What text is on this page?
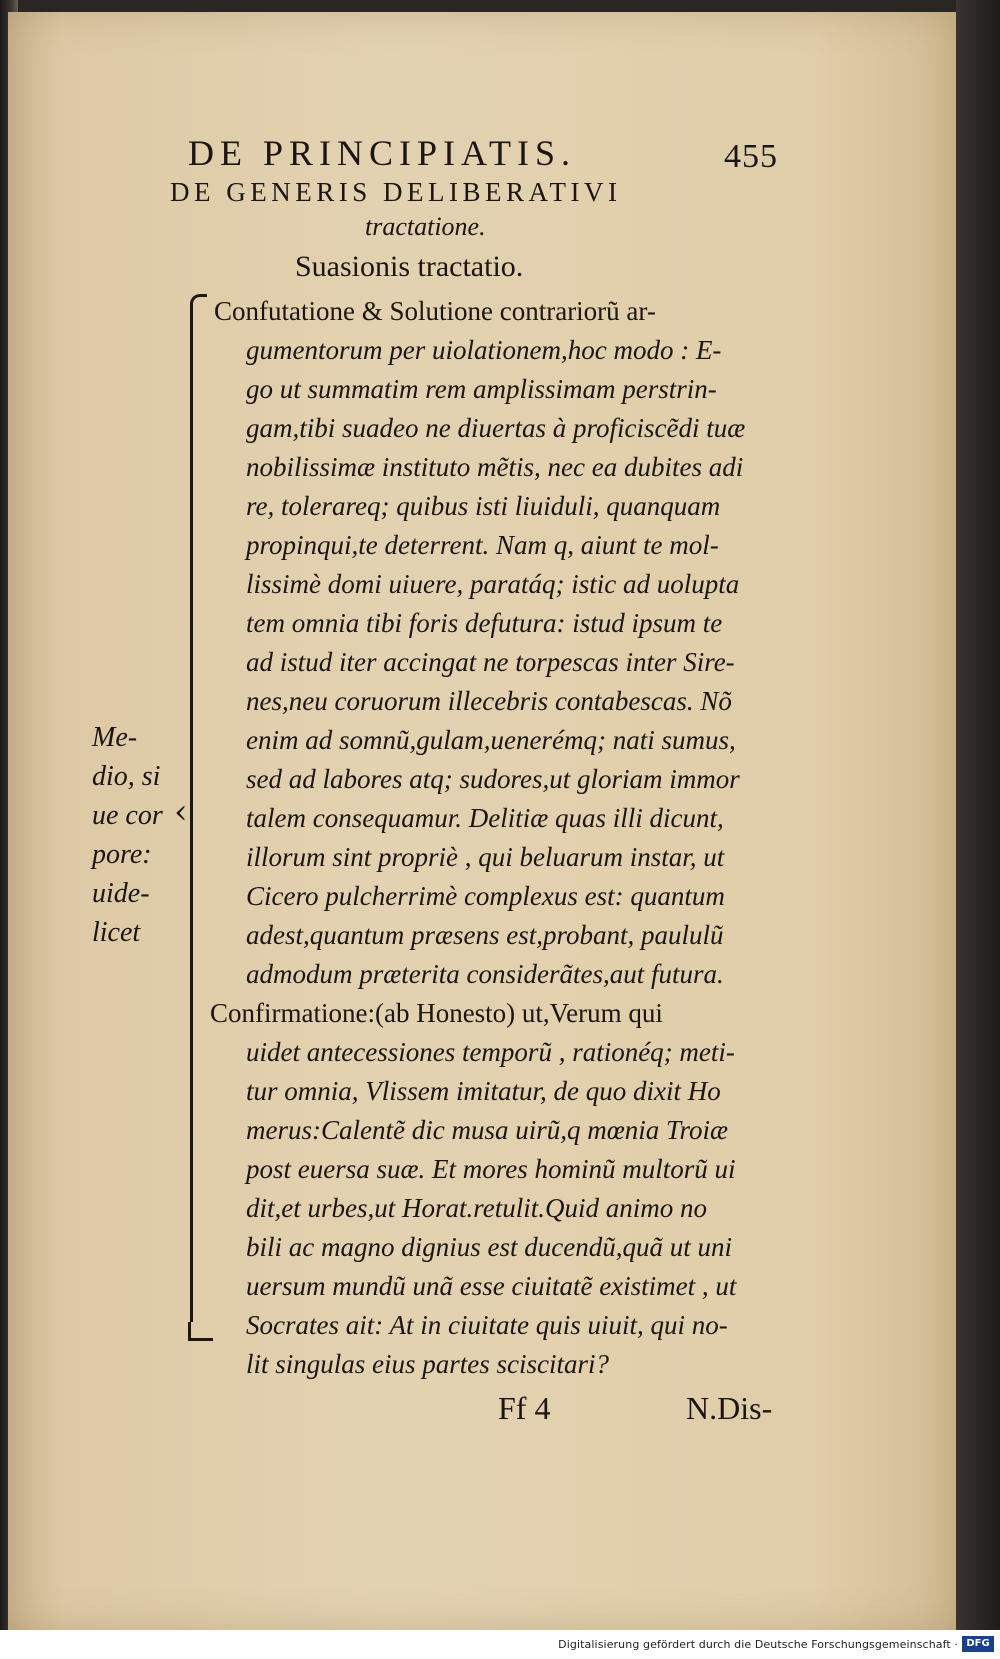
DE PRINCIPIATIS.	455
DE GENERIS DELIBERATIVI
tractatione.
Suasionis tractatio.
‹
Confutatione & Solutione contrariorũ ar-
gumentorum per uiolationem,hoc modo : E-
go ut summatim rem amplissimam perstrin-
gam,tibi suadeo ne diuertas à proficiscẽdi tuæ
nobilissimæ instituto mẽtis, nec ea dubites adi
re, tolerareq; quibus isti liuiduli, quanquam
propinqui,te deterrent. Nam q, aiunt te mol-
lissimè domi uiuere, paratáq; istic ad uolupta
tem omnia tibi foris defutura: istud ipsum te
ad istud iter accingat ne torpescas inter Sire-
nes,neu coruorum illecebris contabescas. Nõ
enim ad somnũ,gulam,uenerémq; nati sumus,
sed ad labores atq; sudores,ut gloriam immor
talem consequamur. Delitiæ quas illi dicunt,
illorum sint propriè , qui beluarum instar, ut
Cicero pulcherrimè complexus est: quantum
adest,quantum præsens est,probant, paululũ
admodum præterita considerãtes,aut futura.
Confirmatione:(ab Honesto) ut,Verum qui
uidet antecessiones temporũ , rationéq; meti-
tur omnia, Vlissem imitatur, de quo dixit Ho
merus:Calentẽ dic musa uirũ,q mœnia Troiæ
post euersa suæ. Et mores hominũ multorũ ui
dit,et urbes,ut Horat.retulit.Quid animo no
bili ac magno dignius est ducendũ,quã ut uni
uersum mundũ unã esse ciuitatẽ existimet , ut
Socrates ait: At in ciuitate quis uiuit, qui no-
lit singulas eius partes sciscitari?
Me-
dio, si
ue cor
pore:
uide-
licet
Ff 4	N.Dis-
Digitalisierung gefördert durch die Deutsche Forschungsgemeinschaft · DFG
